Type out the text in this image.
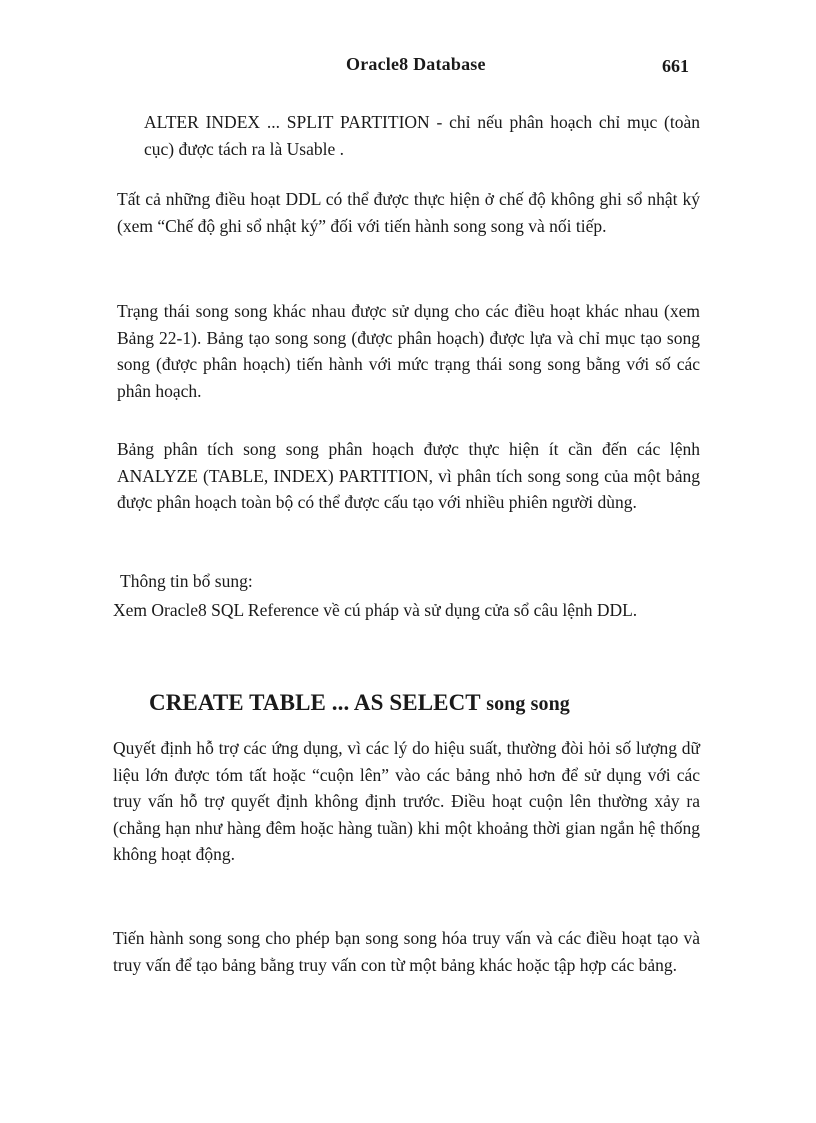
Oracle8 Database	661

ALTER INDEX ... SPLIT PARTITION - chỉ nếu phân hoạch chỉ mục (toàn cục) được tách ra là Usable .

Tất cả những điều hoạt DDL có thể được thực hiện ở chế độ không ghi sổ nhật ký (xem “Chế độ ghi sổ nhật ký” đối với tiến hành song song và nối tiếp.

Trạng thái song song khác nhau được sử dụng cho các điều hoạt khác nhau (xem Bảng 22-1). Bảng tạo song song (được phân hoạch) được lựa và chỉ mục tạo song song (được phân hoạch) tiến hành với mức trạng thái song song bằng với số các phân hoạch.

Bảng phân tích song song phân hoạch được thực hiện ít cần đến các lệnh ANALYZE (TABLE, INDEX) PARTITION, vì phân tích song song của một bảng được phân hoạch toàn bộ có thể được cấu tạo với nhiều phiên người dùng.

Thông tin bổ sung:

Xem Oracle8 SQL Reference về cú pháp và sử dụng cửa sổ câu lệnh DDL.

CREATE TABLE ... AS SELECT song song

Quyết định hỗ trợ các ứng dụng, vì các lý do hiệu suất, thường đòi hỏi số lượng dữ liệu lớn được tóm tất hoặc “cuộn lên” vào các bảng nhỏ hơn để sử dụng với các truy vấn hỗ trợ quyết định không định trước. Điều hoạt cuộn lên thường xảy ra (chẳng hạn như hàng đêm hoặc hàng tuần) khi một khoảng thời gian ngắn hệ thống không hoạt động.

Tiến hành song song cho phép bạn song song hóa truy vấn và các điều hoạt tạo và truy vấn để tạo bảng bằng truy vấn con từ một bảng khác hoặc tập hợp các bảng.
